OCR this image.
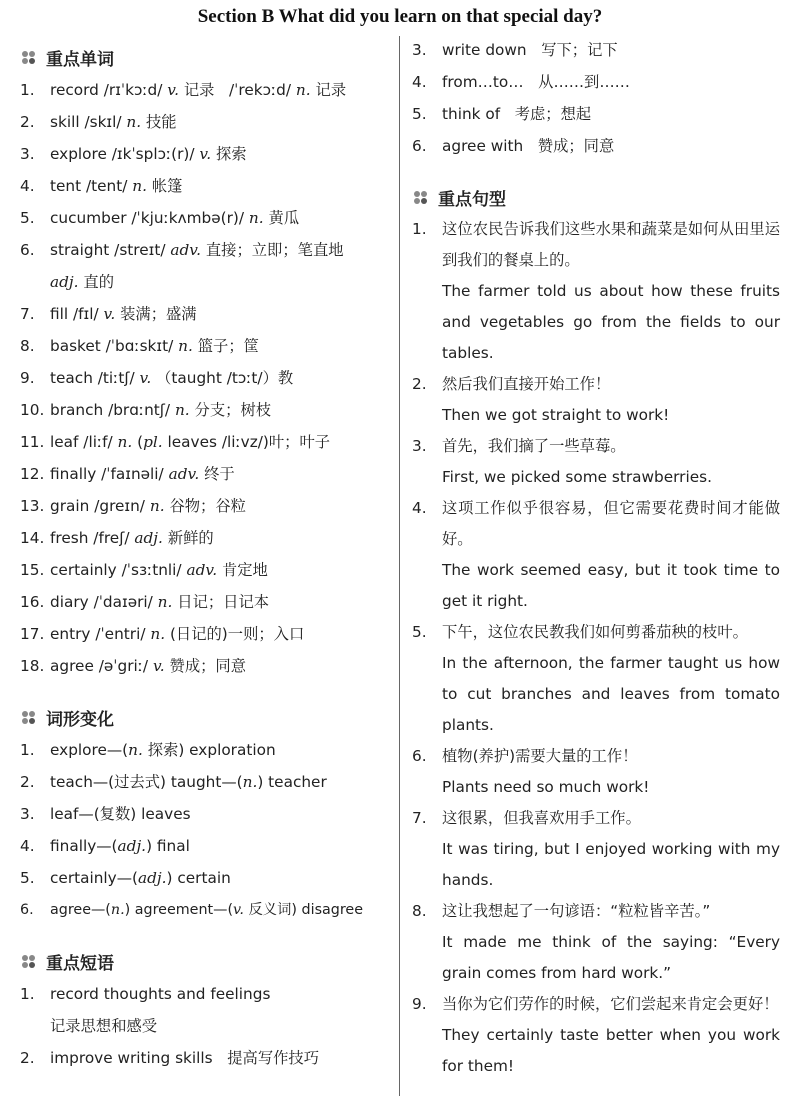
Section B What did you learn on that special day?
重点单词
1. record /rɪˈkɔːd/ v. 记录 /ˈrekɔːd/ n. 记录
2. skill /skɪl/ n. 技能
3. explore /ɪkˈsplɔː(r)/ v. 探索
4. tent /tent/ n. 帐篷
5. cucumber /ˈkjuːkʌmbə(r)/ n. 黄瓜
6. straight /streɪt/ adv. 直接；立即；笔直地
adj. 直的
7. fill /fɪl/ v. 装满；盛满
8. basket /ˈbɑːskɪt/ n. 篮子；筐
9. teach /tiːtʃ/ v. （taught /tɔːt/）教
10. branch /brɑːntʃ/ n. 分支；树枝
11. leaf /liːf/ n. (pl. leaves /liːvz/)叶；叶子
12. finally /ˈfaɪnəli/ adv. 终于
13. grain /greɪn/ n. 谷物；谷粒
14. fresh /freʃ/ adj. 新鲜的
15. certainly /ˈsɜːtnli/ adv. 肯定地
16. diary /ˈdaɪəri/ n. 日记；日记本
17. entry /ˈentri/ n. (日记的)一则；入口
18. agree /əˈgriː/ v. 赞成；同意
词形变化
1. explore—(n. 探索) exploration
2. teach—(过去式) taught—(n.) teacher
3. leaf—(复数) leaves
4. finally—(adj.) final
5. certainly—(adj.) certain
6. agree—(n.) agreement—(v. 反义词) disagree
重点短语
1. record thoughts and feelings
记录思想和感受
2. improve writing skills 提高写作技巧
3. write down 写下；记下
4. from…to… 从……到……
5. think of 考虑；想起
6. agree with 赞成；同意
重点句型
1. 这位农民告诉我们这些水果和蔬菜是如何从田里运到我们的餐桌上的。
The farmer told us about how these fruits and vegetables go from the fields to our tables.
2. 然后我们直接开始工作！
Then we got straight to work!
3. 首先，我们摘了一些草莓。
First, we picked some strawberries.
4. 这项工作似乎很容易，但它需要花费时间才能做好。
The work seemed easy, but it took time to get it right.
5. 下午，这位农民教我们如何剪番茄秧的枝叶。
In the afternoon, the farmer taught us how to cut branches and leaves from tomato plants.
6. 植物(养护)需要大量的工作！
Plants need so much work!
7. 这很累，但我喜欢用手工作。
It was tiring, but I enjoyed working with my hands.
8. 这让我想起了一句谚语：“粒粒皆辛苦。”
It made me think of the saying: “Every grain comes from hard work.”
9. 当你为它们劳作的时候，它们尝起来肯定会更好！
They certainly taste better when you work for them!
